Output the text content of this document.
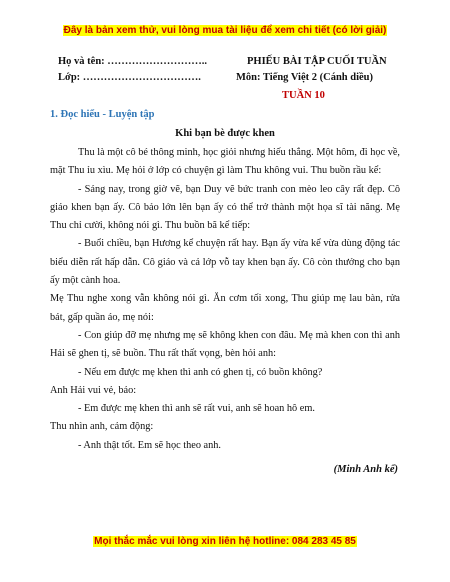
Đây là bản xem thử, vui lòng mua tài liệu để xem chi tiết (có lời giải)
Họ và tên: ………………………..
Lớp: …………………………….
PHIẾU BÀI TẬP CUỐI TUẦN
Môn: Tiếng Việt 2 (Cánh diều)
TUẦN 10
1. Đọc hiểu - Luyện tập
Khi bạn bè được khen

Thu là một cô bé thông minh, học giỏi nhưng hiếu thắng. Một hôm, đi học về, mặt Thu ỉu xìu. Mẹ hỏi ở lớp có chuyện gì làm Thu không vui. Thu buồn rầu kể:

- Sáng nay, trong giờ vẽ, bạn Duy vẽ bức tranh con mèo leo cây rất đẹp. Cô giáo khen bạn ấy. Cô bảo lớn lên bạn ấy có thể trở thành một họa sĩ tài năng. Mẹ Thu chỉ cười, không nói gì. Thu buồn bã kể tiếp:

- Buổi chiều, bạn Hương kể chuyện rất hay. Bạn ấy vừa kể vừa dùng động tác biểu diễn rất hấp dẫn. Cô giáo và cả lớp vỗ tay khen bạn ấy. Cô còn thưởng cho bạn ấy một cành hoa.

Mẹ Thu nghe xong vẫn không nói gì. Ăn cơm tối xong, Thu giúp mẹ lau bàn, rửa bát, gấp quần áo, mẹ nói:

- Con giúp đỡ mẹ nhưng mẹ sẽ không khen con đâu. Mẹ mà khen con thì anh Hải sẽ ghen tị, sẽ buồn. Thu rất thất vọng, bèn hỏi anh:

- Nếu em được mẹ khen thì anh có ghen tị, có buồn không?

Anh Hải vui vẻ, bảo:

- Em được mẹ khen thì anh sẽ rất vui, anh sẽ hoan hô em.

Thu nhìn anh, cảm động:

- Anh thật tốt. Em sẽ học theo anh.

(Minh Anh kể)
Mọi thắc mắc vui lòng xin liên hệ hotline: 084 283 45 85
